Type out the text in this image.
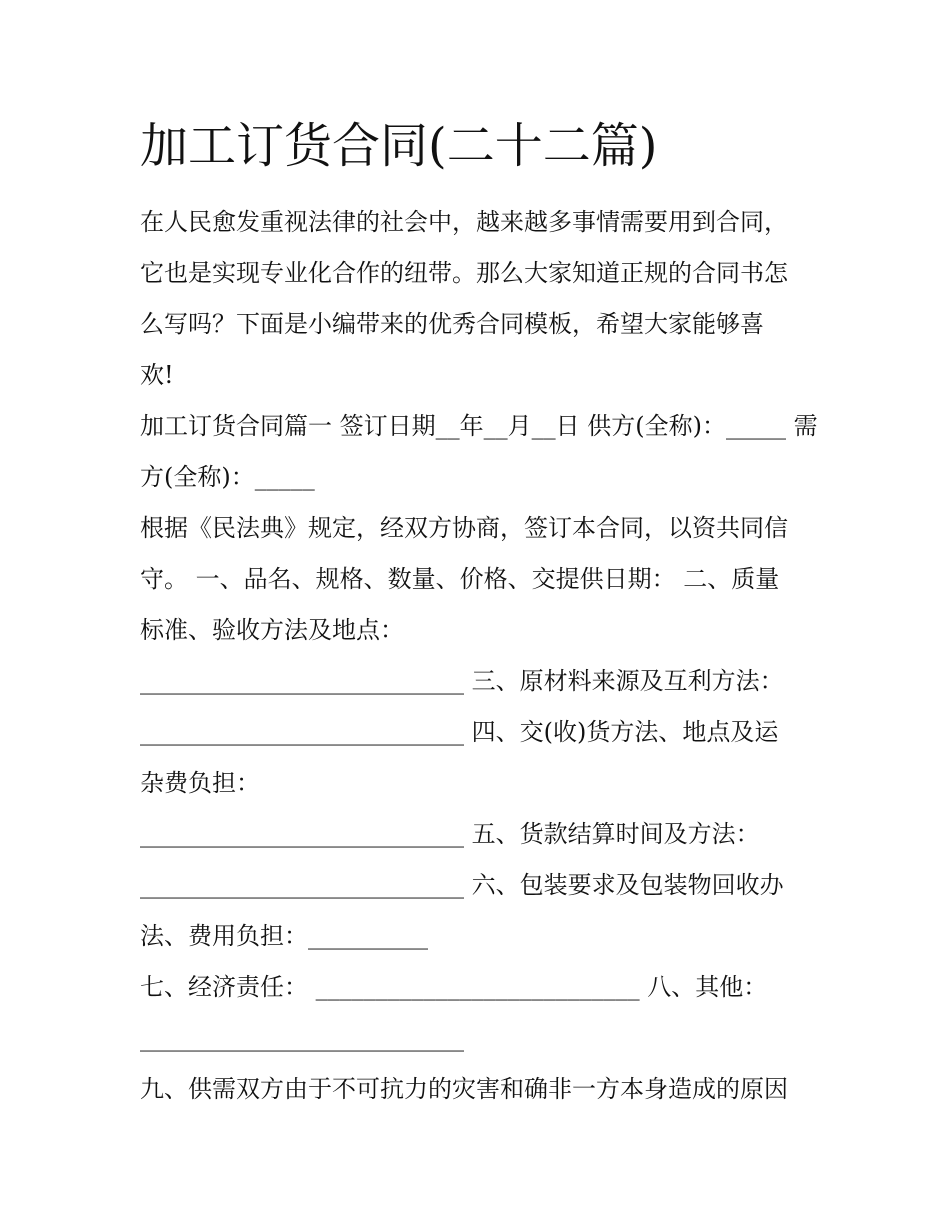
加工订货合同(二十二篇)
在人民愈发重视法律的社会中，越来越多事情需要用到合同，
它也是实现专业化合作的纽带。那么大家知道正规的合同书怎
么写吗？下面是小编带来的优秀合同模板，希望大家能够喜
欢!
加工订货合同篇一 签订日期__年__月__日 供方(全称)：_____ 需
方(全称)：_____
根据《民法典》规定，经双方协商，签订本合同，以资共同信
守。 一、品名、规格、数量、价格、交提供日期： 二、质量
标准、验收方法及地点：
___________________________ 三、原材料来源及互利方法：
___________________________ 四、交(收)货方法、地点及运
杂费负担：
___________________________ 五、货款结算时间及方法：
___________________________ 六、包装要求及包装物回收办
法、费用负担：__________
七、经济责任： ___________________________ 八、其他：
___________________________
九、供需双方由于不可抗力的灾害和确非一方本身造成的原因
